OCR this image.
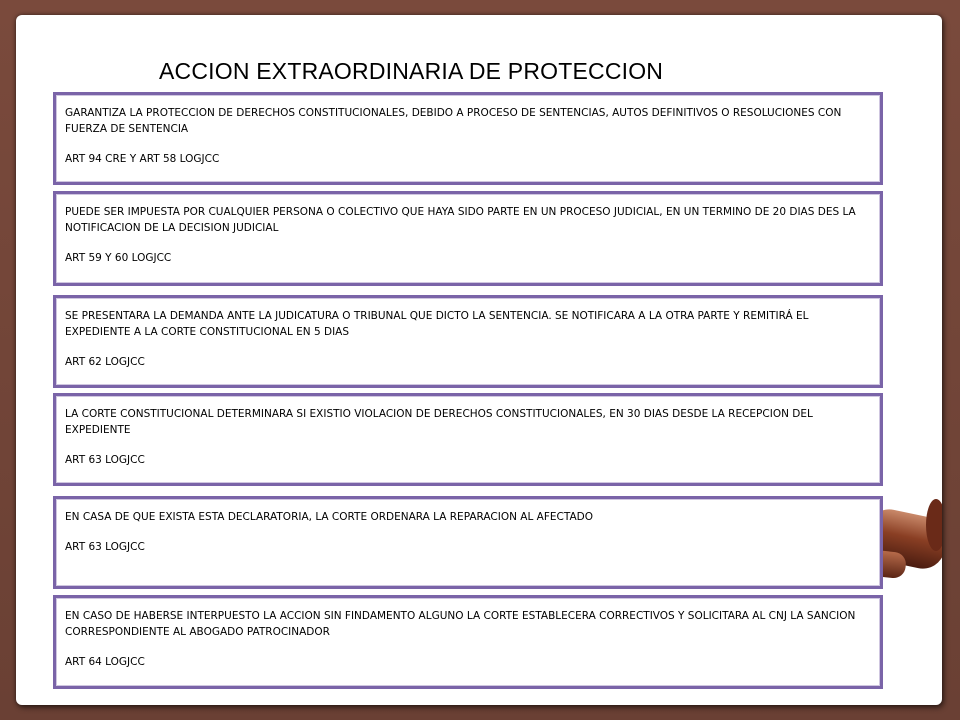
ACCION EXTRAORDINARIA DE PROTECCION

GARANTIZA LA PROTECCION DE DERECHOS CONSTITUCIONALES, DEBIDO A PROCESO DE SENTENCIAS, AUTOS DEFINITIVOS O RESOLUCIONES CON FUERZA DE SENTENCIA

ART 94 CRE Y ART 58 LOGJCC

PUEDE SER IMPUESTA POR CUALQUIER PERSONA O COLECTIVO QUE HAYA SIDO PARTE EN UN PROCESO JUDICIAL, EN UN TERMINO DE 20 DIAS DES LA NOTIFICACION DE LA DECISION JUDICIAL

ART 59 Y 60 LOGJCC

SE PRESENTARA LA DEMANDA ANTE LA JUDICATURA O TRIBUNAL QUE DICTO LA SENTENCIA. SE NOTIFICARA A LA OTRA PARTE Y REMITIRÁ EL EXPEDIENTE A LA CORTE CONSTITUCIONAL EN 5 DIAS

ART 62 LOGJCC

LA CORTE CONSTITUCIONAL DETERMINARA SI EXISTIO VIOLACION DE DERECHOS CONSTITUCIONALES, EN 30 DIAS DESDE LA RECEPCION DEL EXPEDIENTE

ART 63 LOGJCC

EN CASA DE QUE EXISTA ESTA DECLARATORIA, LA CORTE ORDENARA LA REPARACION AL AFECTADO

ART 63 LOGJCC

EN CASO DE HABERSE INTERPUESTO LA ACCION SIN FINDAMENTO ALGUNO LA CORTE ESTABLECERA CORRECTIVOS Y SOLICITARA AL CNJ LA SANCION CORRESPONDIENTE AL ABOGADO PATROCINADOR

ART 64 LOGJCC
